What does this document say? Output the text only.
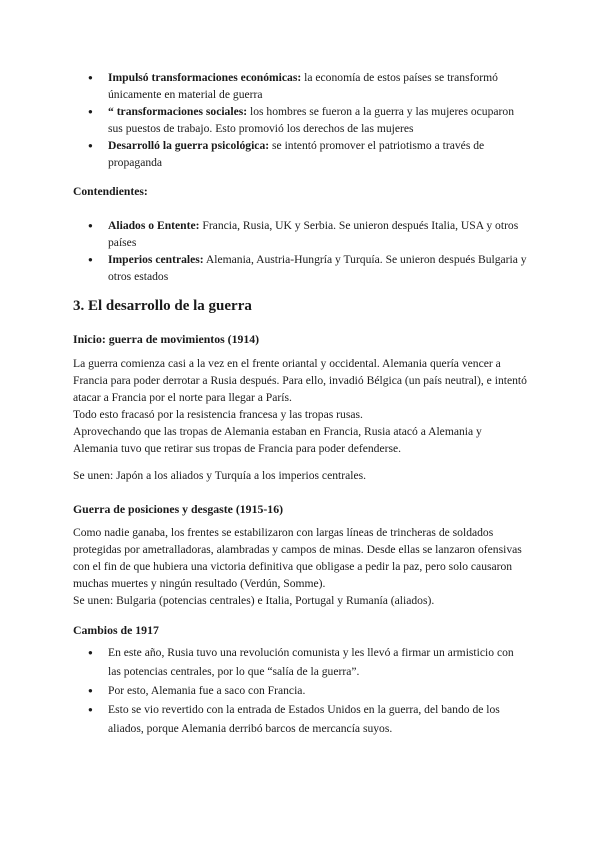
● Impulsó transformaciones económicas: la economía de estos países se transformó únicamente en material de guerra
● “ transformaciones sociales: los hombres se fueron a la guerra y las mujeres ocuparon sus puestos de trabajo. Esto promovió los derechos de las mujeres
● Desarrolló la guerra psicológica: se intentó promover el patriotismo a través de propaganda
Contendientes:
● Aliados o Entente: Francia, Rusia, UK y Serbia. Se unieron después Italia, USA y otros países
● Imperios centrales: Alemania, Austria-Hungría y Turquía. Se unieron después Bulgaria y otros estados
3. El desarrollo de la guerra
Inicio: guerra de movimientos (1914)

La guerra comienza casi a la vez en el frente oriantal y occidental. Alemania quería vencer a Francia para poder derrotar a Rusia después. Para ello, invadió Bélgica (un país neutral), e intentó atacar a Francia por el norte para llegar a París.

Todo esto fracasó por la resistencia francesa y las tropas rusas.

Aprovechando que las tropas de Alemania estaban en Francia, Rusia atacó a Alemania y Alemania tuvo que retirar sus tropas de Francia para poder defenderse.

Se unen: Japón a los aliados y Turquía a los imperios centrales.
Guerra de posiciones y desgaste (1915-16)

Como nadie ganaba, los frentes se estabilizaron con largas líneas de trincheras de soldados protegidas por ametralladoras, alambradas y campos de minas. Desde ellas se lanzaron ofensivas con el fin de que hubiera una victoria definitiva que obligase a pedir la paz, pero solo causaron muchas muertes y ningún resultado (Verdún, Somme).

Se unen: Bulgaria (potencias centrales) e Italia, Portugal y Rumanía (aliados).

Cambios de 1917
● En este año, Rusia tuvo una revolución comunista y les llevó a firmar un armisticio con las potencias centrales, por lo que “salía de la guerra”.
● Por esto, Alemania fue a saco con Francia.
● Esto se vio revertido con la entrada de Estados Unidos en la guerra, del bando de los aliados, porque Alemania derribó barcos de mercancía suyos.
